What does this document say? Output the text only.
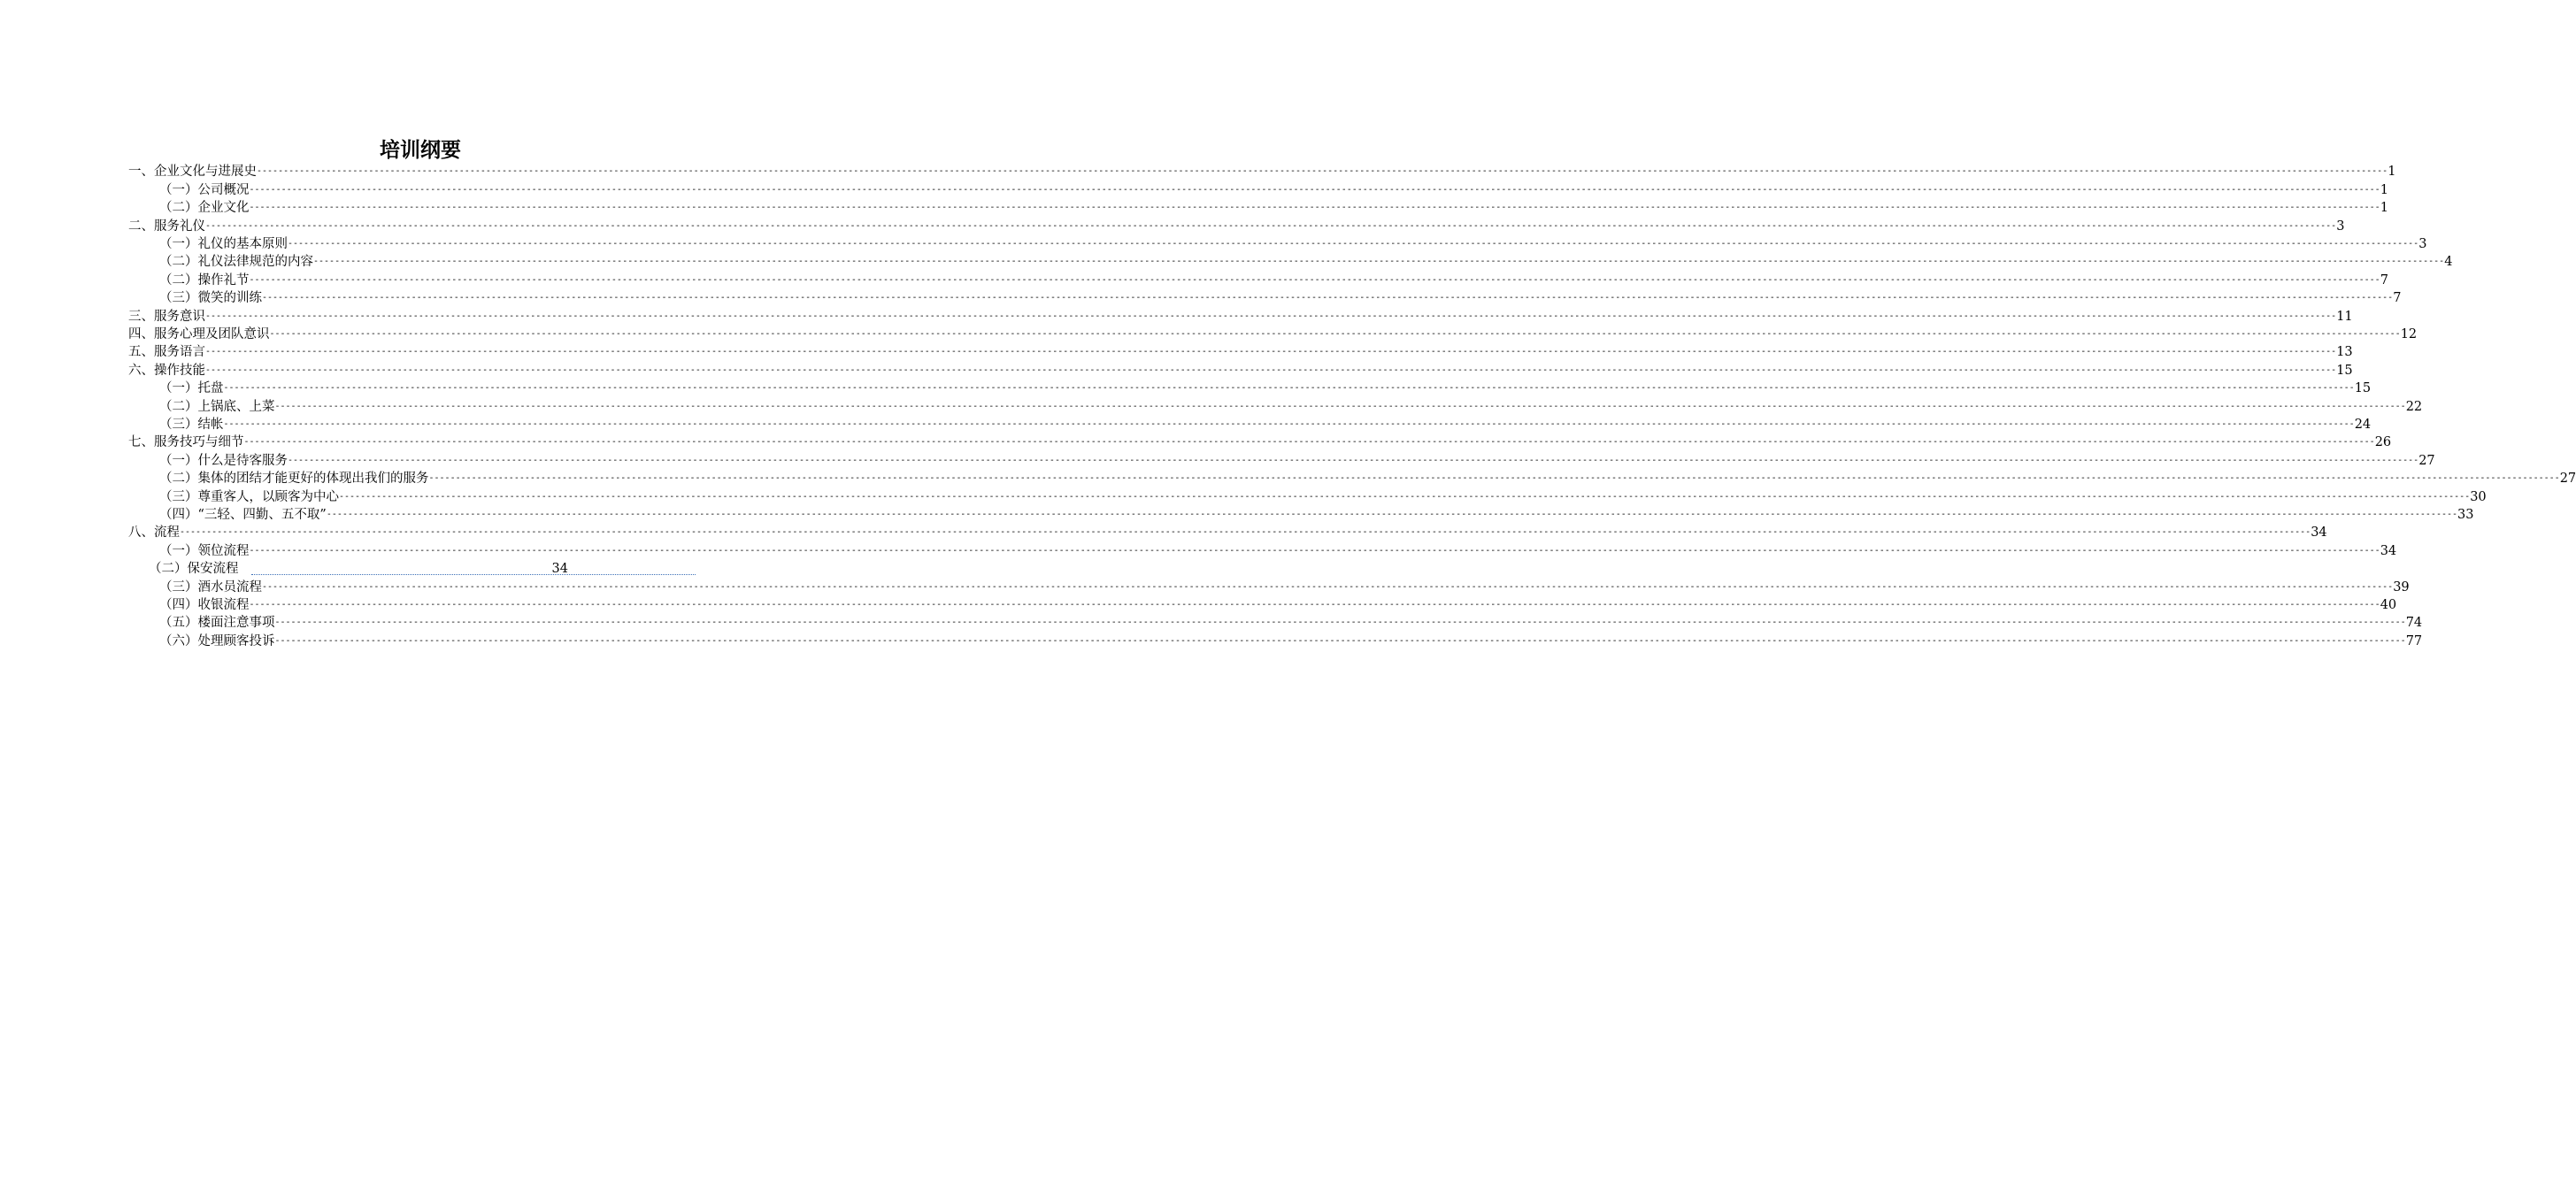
培训纲要
一、企业文化与进展史 ---------------------------------------------------------------------------------------------------------------------------------------------------------------------------------------------------------------------------------------------------------------------------------------------------------------------------------------------------------------------------------------------------------------- 1
（一）公司概况 ---------------------------------------------------------------------------------------------------------------------------------------------------------------------------------------------------------------------------------------------------------------------------------------------------------------------------------------------------------------------------------------------------------------- 1
（二）企业文化 ---------------------------------------------------------------------------------------------------------------------------------------------------------------------------------------------------------------------------------------------------------------------------------------------------------------------------------------------------------------------------------------------------------------- 1
二、服务礼仪 ---------------------------------------------------------------------------------------------------------------------------------------------------------------------------------------------------------------------------------------------------------------------------------------------------------------------------------------------------------------------------------------------------------------- 3
（一）礼仪的基本原则 ---------------------------------------------------------------------------------------------------------------------------------------------------------------------------------------------------------------------------------------------------------------------------------------------------------------------------------------------------------------------------------------------------------------- 3
（二）礼仪法律规范的内容 ---------------------------------------------------------------------------------------------------------------------------------------------------------------------------------------------------------------------------------------------------------------------------------------------------------------------------------------------------------------------------------------------------------------- 4
（二）操作礼节 ---------------------------------------------------------------------------------------------------------------------------------------------------------------------------------------------------------------------------------------------------------------------------------------------------------------------------------------------------------------------------------------------------------------- 7
（三）微笑的训练 ---------------------------------------------------------------------------------------------------------------------------------------------------------------------------------------------------------------------------------------------------------------------------------------------------------------------------------------------------------------------------------------------------------------- 7
三、服务意识 ---------------------------------------------------------------------------------------------------------------------------------------------------------------------------------------------------------------------------------------------------------------------------------------------------------------------------------------------------------------------------------------------------------------- 11
四、服务心理及团队意识 ---------------------------------------------------------------------------------------------------------------------------------------------------------------------------------------------------------------------------------------------------------------------------------------------------------------------------------------------------------------------------------------------------------------- 12
五、服务语言 ---------------------------------------------------------------------------------------------------------------------------------------------------------------------------------------------------------------------------------------------------------------------------------------------------------------------------------------------------------------------------------------------------------------- 13
六、操作技能 ---------------------------------------------------------------------------------------------------------------------------------------------------------------------------------------------------------------------------------------------------------------------------------------------------------------------------------------------------------------------------------------------------------------- 15
（一）托盘 ---------------------------------------------------------------------------------------------------------------------------------------------------------------------------------------------------------------------------------------------------------------------------------------------------------------------------------------------------------------------------------------------------------------- 15
（二）上锅底、上菜 ---------------------------------------------------------------------------------------------------------------------------------------------------------------------------------------------------------------------------------------------------------------------------------------------------------------------------------------------------------------------------------------------------------------- 22
（三）结帐 ---------------------------------------------------------------------------------------------------------------------------------------------------------------------------------------------------------------------------------------------------------------------------------------------------------------------------------------------------------------------------------------------------------------- 24
七、服务技巧与细节 ---------------------------------------------------------------------------------------------------------------------------------------------------------------------------------------------------------------------------------------------------------------------------------------------------------------------------------------------------------------------------------------------------------------- 26
（一）什么是待客服务 ---------------------------------------------------------------------------------------------------------------------------------------------------------------------------------------------------------------------------------------------------------------------------------------------------------------------------------------------------------------------------------------------------------------- 27
（二）集体的团结才能更好的体现出我们的服务 ---------------------------------------------------------------------------------------------------------------------------------------------------------------------------------------------------------------------------------------------------------------------------------------------------------------------------------------------------------------------------------------------------------------- 27
（三）尊重客人，以顾客为中心 ---------------------------------------------------------------------------------------------------------------------------------------------------------------------------------------------------------------------------------------------------------------------------------------------------------------------------------------------------------------------------------------------------------------- 30
（四）“三轻、四勤、五不取” ---------------------------------------------------------------------------------------------------------------------------------------------------------------------------------------------------------------------------------------------------------------------------------------------------------------------------------------------------------------------------------------------------------------- 33
八、流程 ---------------------------------------------------------------------------------------------------------------------------------------------------------------------------------------------------------------------------------------------------------------------------------------------------------------------------------------------------------------------------------------------------------------- 34
（一）领位流程 ---------------------------------------------------------------------------------------------------------------------------------------------------------------------------------------------------------------------------------------------------------------------------------------------------------------------------------------------------------------------------------------------------------------- 34
（二）保安流程	34
（三）酒水员流程 ---------------------------------------------------------------------------------------------------------------------------------------------------------------------------------------------------------------------------------------------------------------------------------------------------------------------------------------------------------------------------------------------------------------- 39
（四）收银流程 ---------------------------------------------------------------------------------------------------------------------------------------------------------------------------------------------------------------------------------------------------------------------------------------------------------------------------------------------------------------------------------------------------------------- 40
（五）楼面注意事项 ---------------------------------------------------------------------------------------------------------------------------------------------------------------------------------------------------------------------------------------------------------------------------------------------------------------------------------------------------------------------------------------------------------------- 74
（六）处理顾客投诉 ---------------------------------------------------------------------------------------------------------------------------------------------------------------------------------------------------------------------------------------------------------------------------------------------------------------------------------------------------------------------------------------------------------------- 77
